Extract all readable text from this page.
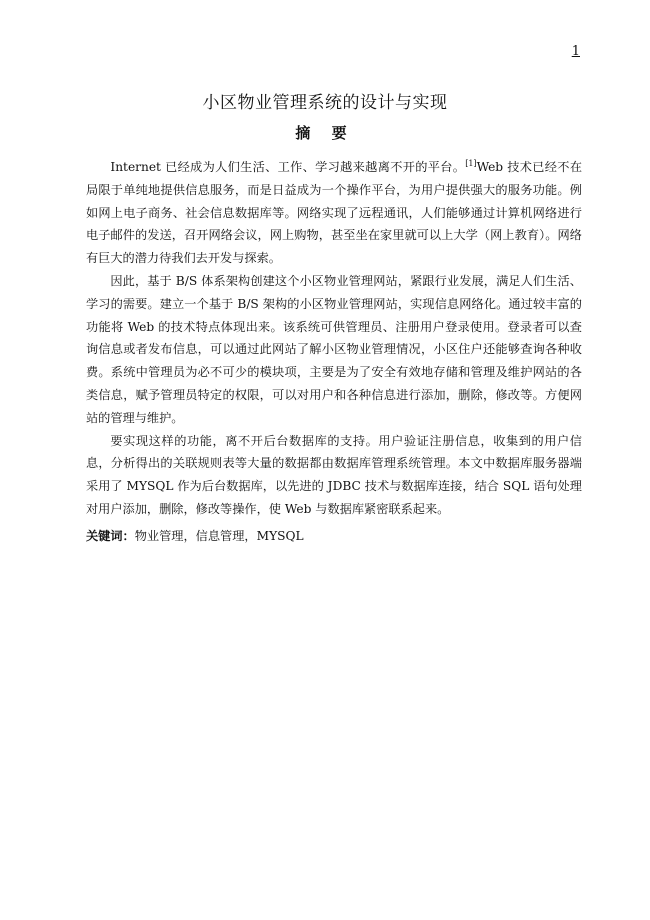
1
小区物业管理系统的设计与实现
摘 要

Internet 已经成为人们生活、工作、学习越来越离不开的平台。[1]Web 技术已经不在局限于单纯地提供信息服务，而是日益成为一个操作平台，为用户提供强大的服务功能。例如网上电子商务、社会信息数据库等。网络实现了远程通讯，人们能够通过计算机网络进行电子邮件的发送，召开网络会议，网上购物，甚至坐在家里就可以上大学（网上教育）。网络有巨大的潜力待我们去开发与探索。

因此，基于 B/S 体系架构创建这个小区物业管理网站，紧跟行业发展，满足人们生活、学习的需要。建立一个基于 B/S 架构的小区物业管理网站，实现信息网络化。通过较丰富的功能将 Web 的技术特点体现出来。该系统可供管理员、注册用户登录使用。登录者可以查询信息或者发布信息，可以通过此网站了解小区物业管理情况，小区住户还能够查询各种收费。系统中管理员为必不可少的模块项，主要是为了安全有效地存储和管理及维护网站的各类信息，赋予管理员特定的权限，可以对用户和各种信息进行添加，删除，修改等。方便网站的管理与维护。

要实现这样的功能，离不开后台数据库的支持。用户验证注册信息，收集到的用户信息，分析得出的关联规则表等大量的数据都由数据库管理系统管理。本文中数据库服务器端采用了 MYSQL 作为后台数据库，以先进的 JDBC 技术与数据库连接，结合 SQL 语句处理对用户添加，删除，修改等操作，使 Web 与数据库紧密联系起来。

关键词：物业管理，信息管理，MYSQL
